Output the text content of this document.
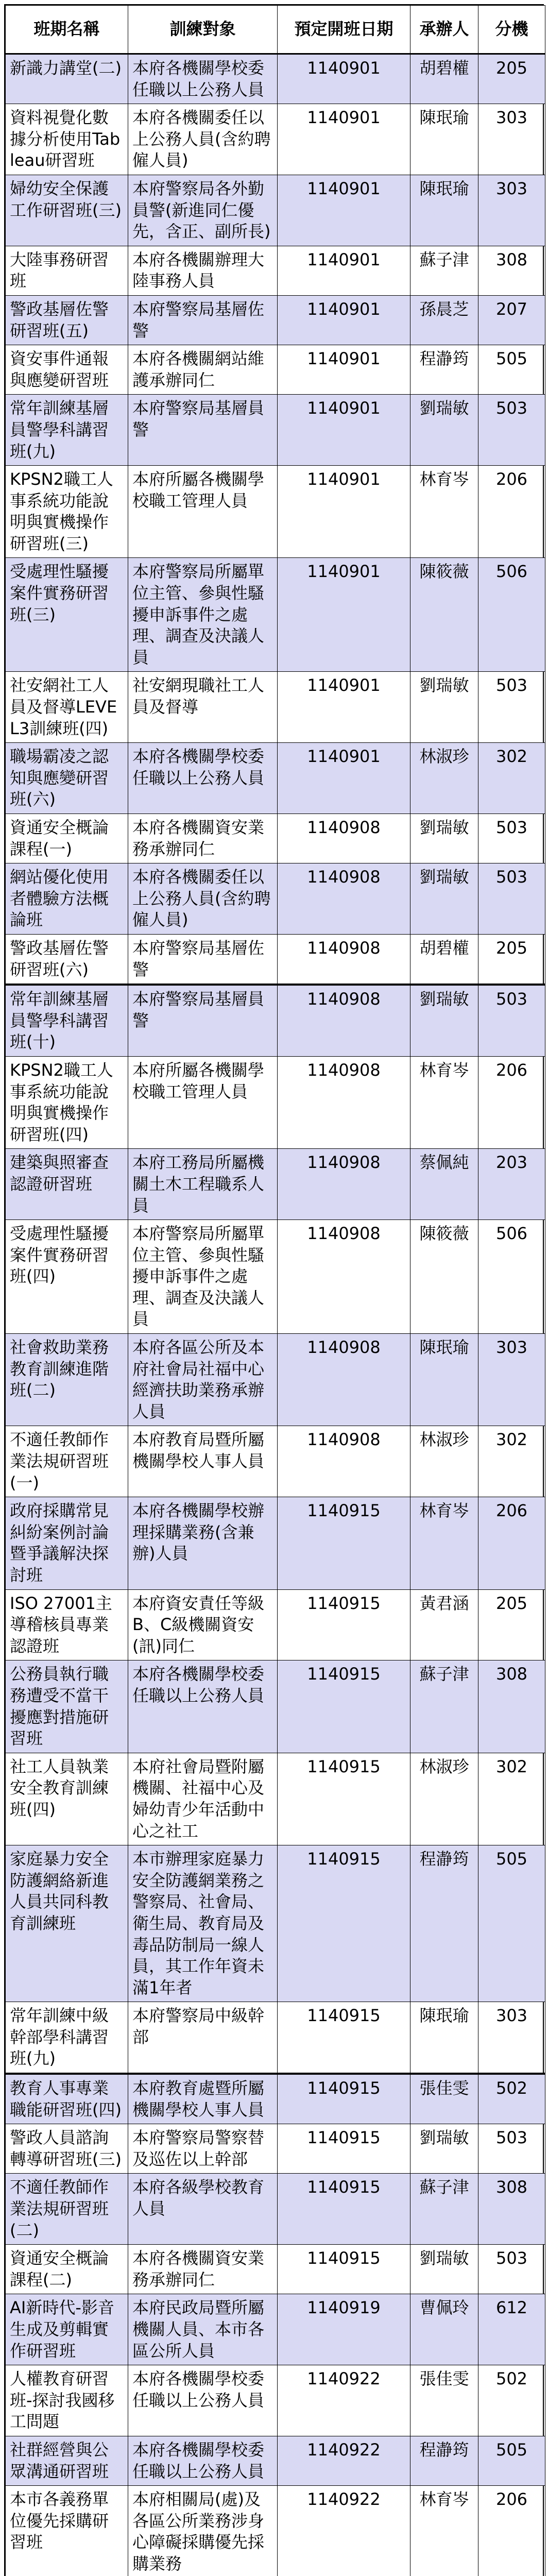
班期名稱	訓練對象	預定開班日期	承辦人	分機
新識力講堂(二)	本府各機關學校委任職以上公務人員	1140901	胡碧權	205
資料視覺化數據分析使用Tableau研習班	本府各機關委任以上公務人員(含約聘僱人員)	1140901	陳珉瑜	303
婦幼安全保護工作研習班(三)	本府警察局各外勤員警(新進同仁優先，含正、副所長)	1140901	陳珉瑜	303
大陸事務研習班	本府各機關辦理大陸事務人員	1140901	蘇子津	308
警政基層佐警研習班(五)	本府警察局基層佐警	1140901	孫晨芝	207
資安事件通報與應變研習班	本府各機關網站維護承辦同仁	1140901	程瀞筠	505
常年訓練基層員警學科講習班(九)	本府警察局基層員警	1140901	劉瑞敏	503
KPSN2職工人事系統功能說明與實機操作研習班(三)	本府所屬各機關學校職工管理人員	1140901	林育岑	206
受處理性騷擾案件實務研習班(三)	本府警察局所屬單位主管、參與性騷擾申訴事件之處理、調查及決議人員	1140901	陳筱薇	506
社安網社工人員及督導LEVEL3訓練班(四)	社安網現職社工人員及督導	1140901	劉瑞敏	503
職場霸凌之認知與應變研習班(六)	本府各機關學校委任職以上公務人員	1140901	林淑珍	302
資通安全概論課程(一)	本府各機關資安業務承辦同仁	1140908	劉瑞敏	503
網站優化使用者體驗方法概論班	本府各機關委任以上公務人員(含約聘僱人員)	1140908	劉瑞敏	503
警政基層佐警研習班(六)	本府警察局基層佐警	1140908	胡碧權	205
常年訓練基層員警學科講習班(十)	本府警察局基層員警	1140908	劉瑞敏	503
KPSN2職工人事系統功能說明與實機操作研習班(四)	本府所屬各機關學校職工管理人員	1140908	林育岑	206
建築與照審查認證研習班	本府工務局所屬機關土木工程職系人員	1140908	蔡佩純	203
受處理性騷擾案件實務研習班(四)	本府警察局所屬單位主管、參與性騷擾申訴事件之處理、調查及決議人員	1140908	陳筱薇	506
社會救助業務教育訓練進階班(二)	本府各區公所及本府社會局社福中心經濟扶助業務承辦人員	1140908	陳珉瑜	303
不適任教師作業法規研習班(一)	本府教育局暨所屬機關學校人事人員	1140908	林淑珍	302
政府採購常見糾紛案例討論暨爭議解決探討班	本府各機關學校辦理採購業務(含兼辦)人員	1140915	林育岑	206
ISO 27001主導稽核員專業認證班	本府資安責任等級B、C級機關資安(訊)同仁	1140915	黃君涵	205
公務員執行職務遭受不當干擾應對措施研習班	本府各機關學校委任職以上公務人員	1140915	蘇子津	308
社工人員執業安全教育訓練班(四)	本府社會局暨附屬機關、社福中心及婦幼青少年活動中心之社工	1140915	林淑珍	302
家庭暴力安全防護網絡新進人員共同科教育訓練班	本市辦理家庭暴力安全防護網業務之警察局、社會局、衛生局、教育局及毒品防制局一線人員，其工作年資未滿1年者	1140915	程瀞筠	505
常年訓練中級幹部學科講習班(九)	本府警察局中級幹部	1140915	陳珉瑜	303
教育人事專業職能研習班(四)	本府教育處暨所屬機關學校人事人員	1140915	張佳雯	502
警政人員諮詢轉導研習班(三)	本府警察局警察替及巡佐以上幹部	1140915	劉瑞敏	503
不適任教師作業法規研習班(二)	本府各級學校教育人員	1140915	蘇子津	308
資通安全概論課程(二)	本府各機關資安業務承辦同仁	1140915	劉瑞敏	503
AI新時代-影音生成及剪輯實作研習班	本府民政局暨所屬機關人員、本市各區公所人員	1140919	曹佩玲	612
人權教育研習班-探討我國移工問題	本府各機關學校委任職以上公務人員	1140922	張佳雯	502
社群經營與公眾溝通研習班	本府各機關學校委任職以上公務人員	1140922	程瀞筠	505
本市各義務單位優先採購研習班	本府相關局(處)及各區公所業務涉身心障礙採購優先採購業務	1140922	林育岑	206
